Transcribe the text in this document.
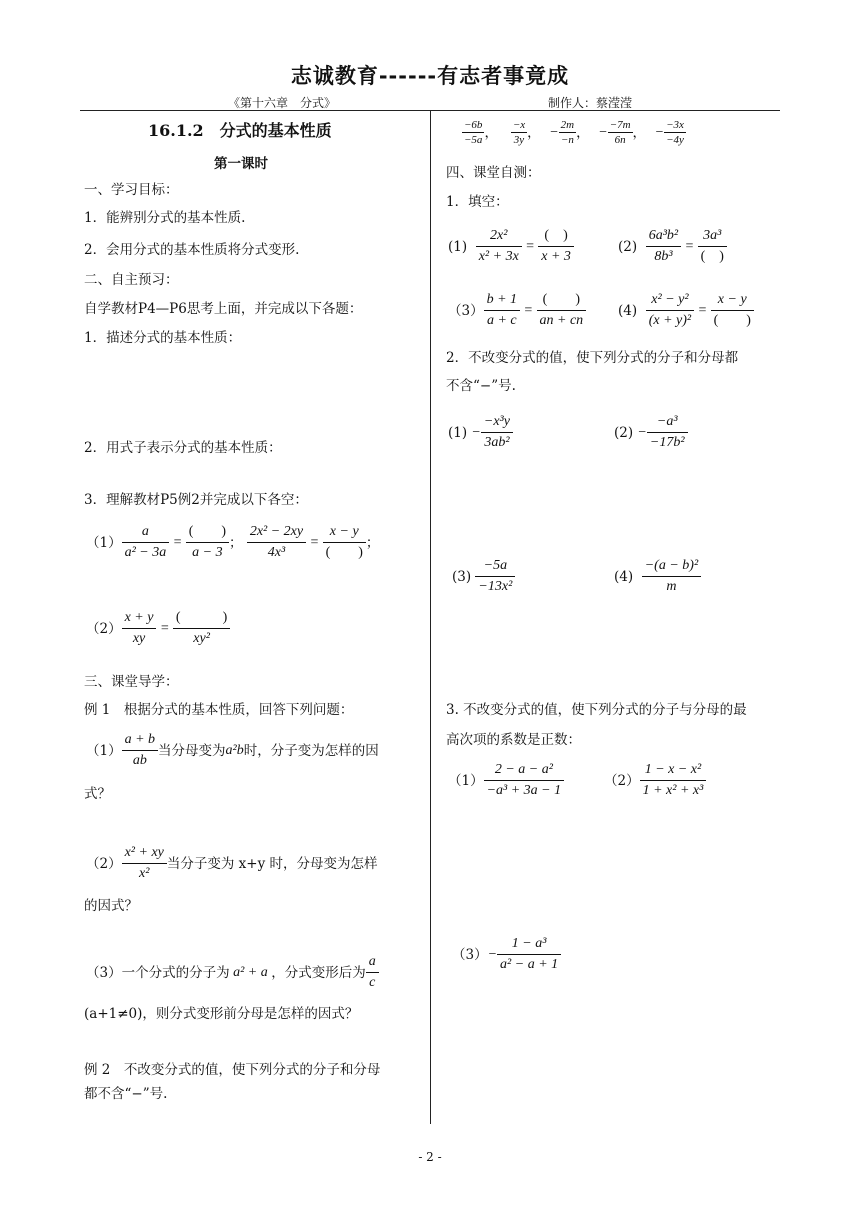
志诚教育------有志者事竟成
《第十六章　分式》	制作人：蔡滢滢
16.1.2　分式的基本性质
第一课时
一、学习目标：
1．能辨别分式的基本性质.
2．会用分式的基本性质将分式变形.
二、自主预习：
自学教材P4—P6思考上面，并完成以下各题：
1．描述分式的基本性质：
2．用式子表示分式的基本性质：
3．理解教材P5例2并完成以下各空：
$(1) \frac{a}{\text{a² − 3a}}$ =
(　　)
a − 3
； $\frac{\text{2x² − 2xy}}{\text{4x³}}$ =
x − y
(　　)
；
$(2) \frac{x + y}{xy}$ =
(　　　)
xy²
三、课堂导学：
例 1　根据分式的基本性质，回答下列问题：
（1）
a + b
ab
当分母变为 a²b 时，分子变为怎样的因
式？
（2）
x² + xy
x²
当分子变为 x+y 时，分母变为怎样
的因式？
（3）一个分式的分子为 a² + a ，分式变形后为
a
c
(a+1≠0)，则分式变形前分母是怎样的因式？
例 2　不改变分式的值，使下列分式的分子和分母
都不含“−”号.
−6b
−5a ， −x
3y ， − $\frac{2m}{-n}$ ， − $\frac{-7m}{6n}$ ， − $\frac{-3x}{-4y}$
四、课堂自测：
1．填空：
(1)
$\frac{\text{2x²}}{\text{x² + 3x}}$ =
(　)
x + 3
(2)
$\frac{\text{6a³b²}}{\text{8b³}}$ =
3a³
(　)
$(3) \frac{b + 1}{a + c}$ =
(　　)
an + cn
(4)
$\frac{\text{x² − y²}}{\text{(x + y)²}}$ =
x − y
(　　)
2．不改变分式的值，使下列分式的分子和分母都
不含“−”号.
(1)
− $\frac{\text{−x³y}}{\text{3ab²}}$	(2)
− $\frac{\text{−a³}}{\text{−17b²}}$
(3)

−5a
−13x²
(4)

−(a − b)²
m
3. 不改变分式的值，使下列分式的分子与分母的最
高次项的系数是正数：
（1）
2 − a − a²
−a³ + 3a − 1
（2）
1 − x − x²
1 + x² + x³
$(3) - \frac{\text{1 − a³}}{\text{a² − a + 1}}$
- 2 -
